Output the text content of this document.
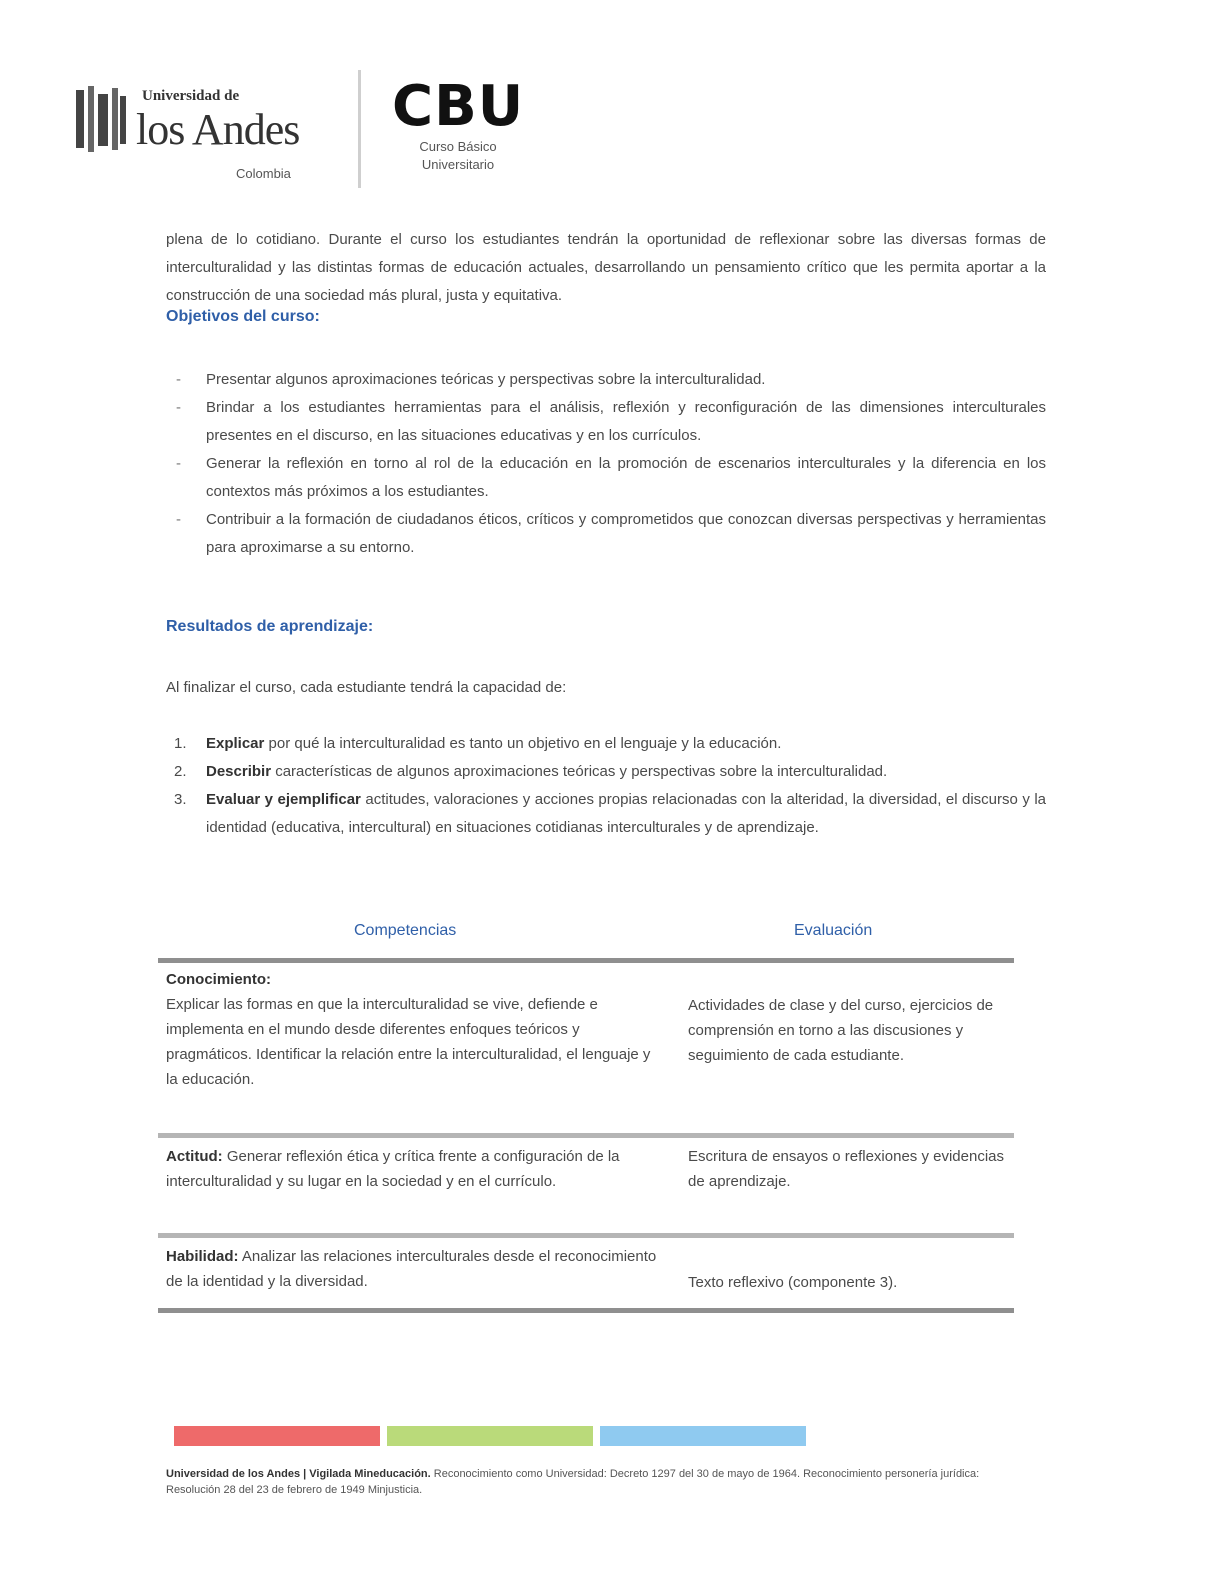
Universidad de
los Andes
Colombia
CBU
Curso Básico
Universitario

plena de lo cotidiano. Durante el curso los estudiantes tendrán la oportunidad de reflexionar sobre las diversas formas de interculturalidad y las distintas formas de educación actuales, desarrollando un pensamiento crítico que les permita aportar a la construcción de una sociedad más plural, justa y equitativa.

Objetivos del curso:
- Presentar algunos aproximaciones teóricas y perspectivas sobre la interculturalidad.
- Brindar a los estudiantes herramientas para el análisis, reflexión y reconfiguración de las dimensiones interculturales presentes en el discurso, en las situaciones educativas y en los currículos.
- Generar la reflexión en torno al rol de la educación en la promoción de escenarios interculturales y la diferencia en los contextos más próximos a los estudiantes.
- Contribuir a la formación de ciudadanos éticos, críticos y comprometidos que conozcan diversas perspectivas y herramientas para aproximarse a su entorno.
Resultados de aprendizaje:

Al finalizar el curso, cada estudiante tendrá la capacidad de:

1. Explicar por qué la interculturalidad es tanto un objetivo en el lenguaje y la educación.
2. Describir características de algunos aproximaciones teóricas y perspectivas sobre la interculturalidad.
3. Evaluar y ejemplificar actitudes, valoraciones y acciones propias relacionadas con la alteridad, la diversidad, el discurso y la identidad (educativa, intercultural) en situaciones cotidianas interculturales y de aprendizaje.
Competencias	Evaluación
Conocimiento:
Explicar las formas en que la interculturalidad se vive, defiende e implementa en el mundo desde diferentes enfoques teóricos y pragmáticos. Identificar la relación entre la interculturalidad, el lenguaje y la educación.
Actividades de clase y del curso, ejercicios de comprensión en torno a las discusiones y seguimiento de cada estudiante.
Actitud: Generar reflexión ética y crítica frente a configuración de la interculturalidad y su lugar en la sociedad y en el currículo.
Escritura de ensayos o reflexiones y evidencias de aprendizaje.
Habilidad: Analizar las relaciones interculturales desde el reconocimiento de la identidad y la diversidad.	Texto reflexivo (componente 3).
Universidad de los Andes | Vigilada Mineducación. Reconocimiento como Universidad: Decreto 1297 del 30 de mayo de 1964. Reconocimiento personería jurídica: Resolución 28 del 23 de febrero de 1949 Minjusticia.
